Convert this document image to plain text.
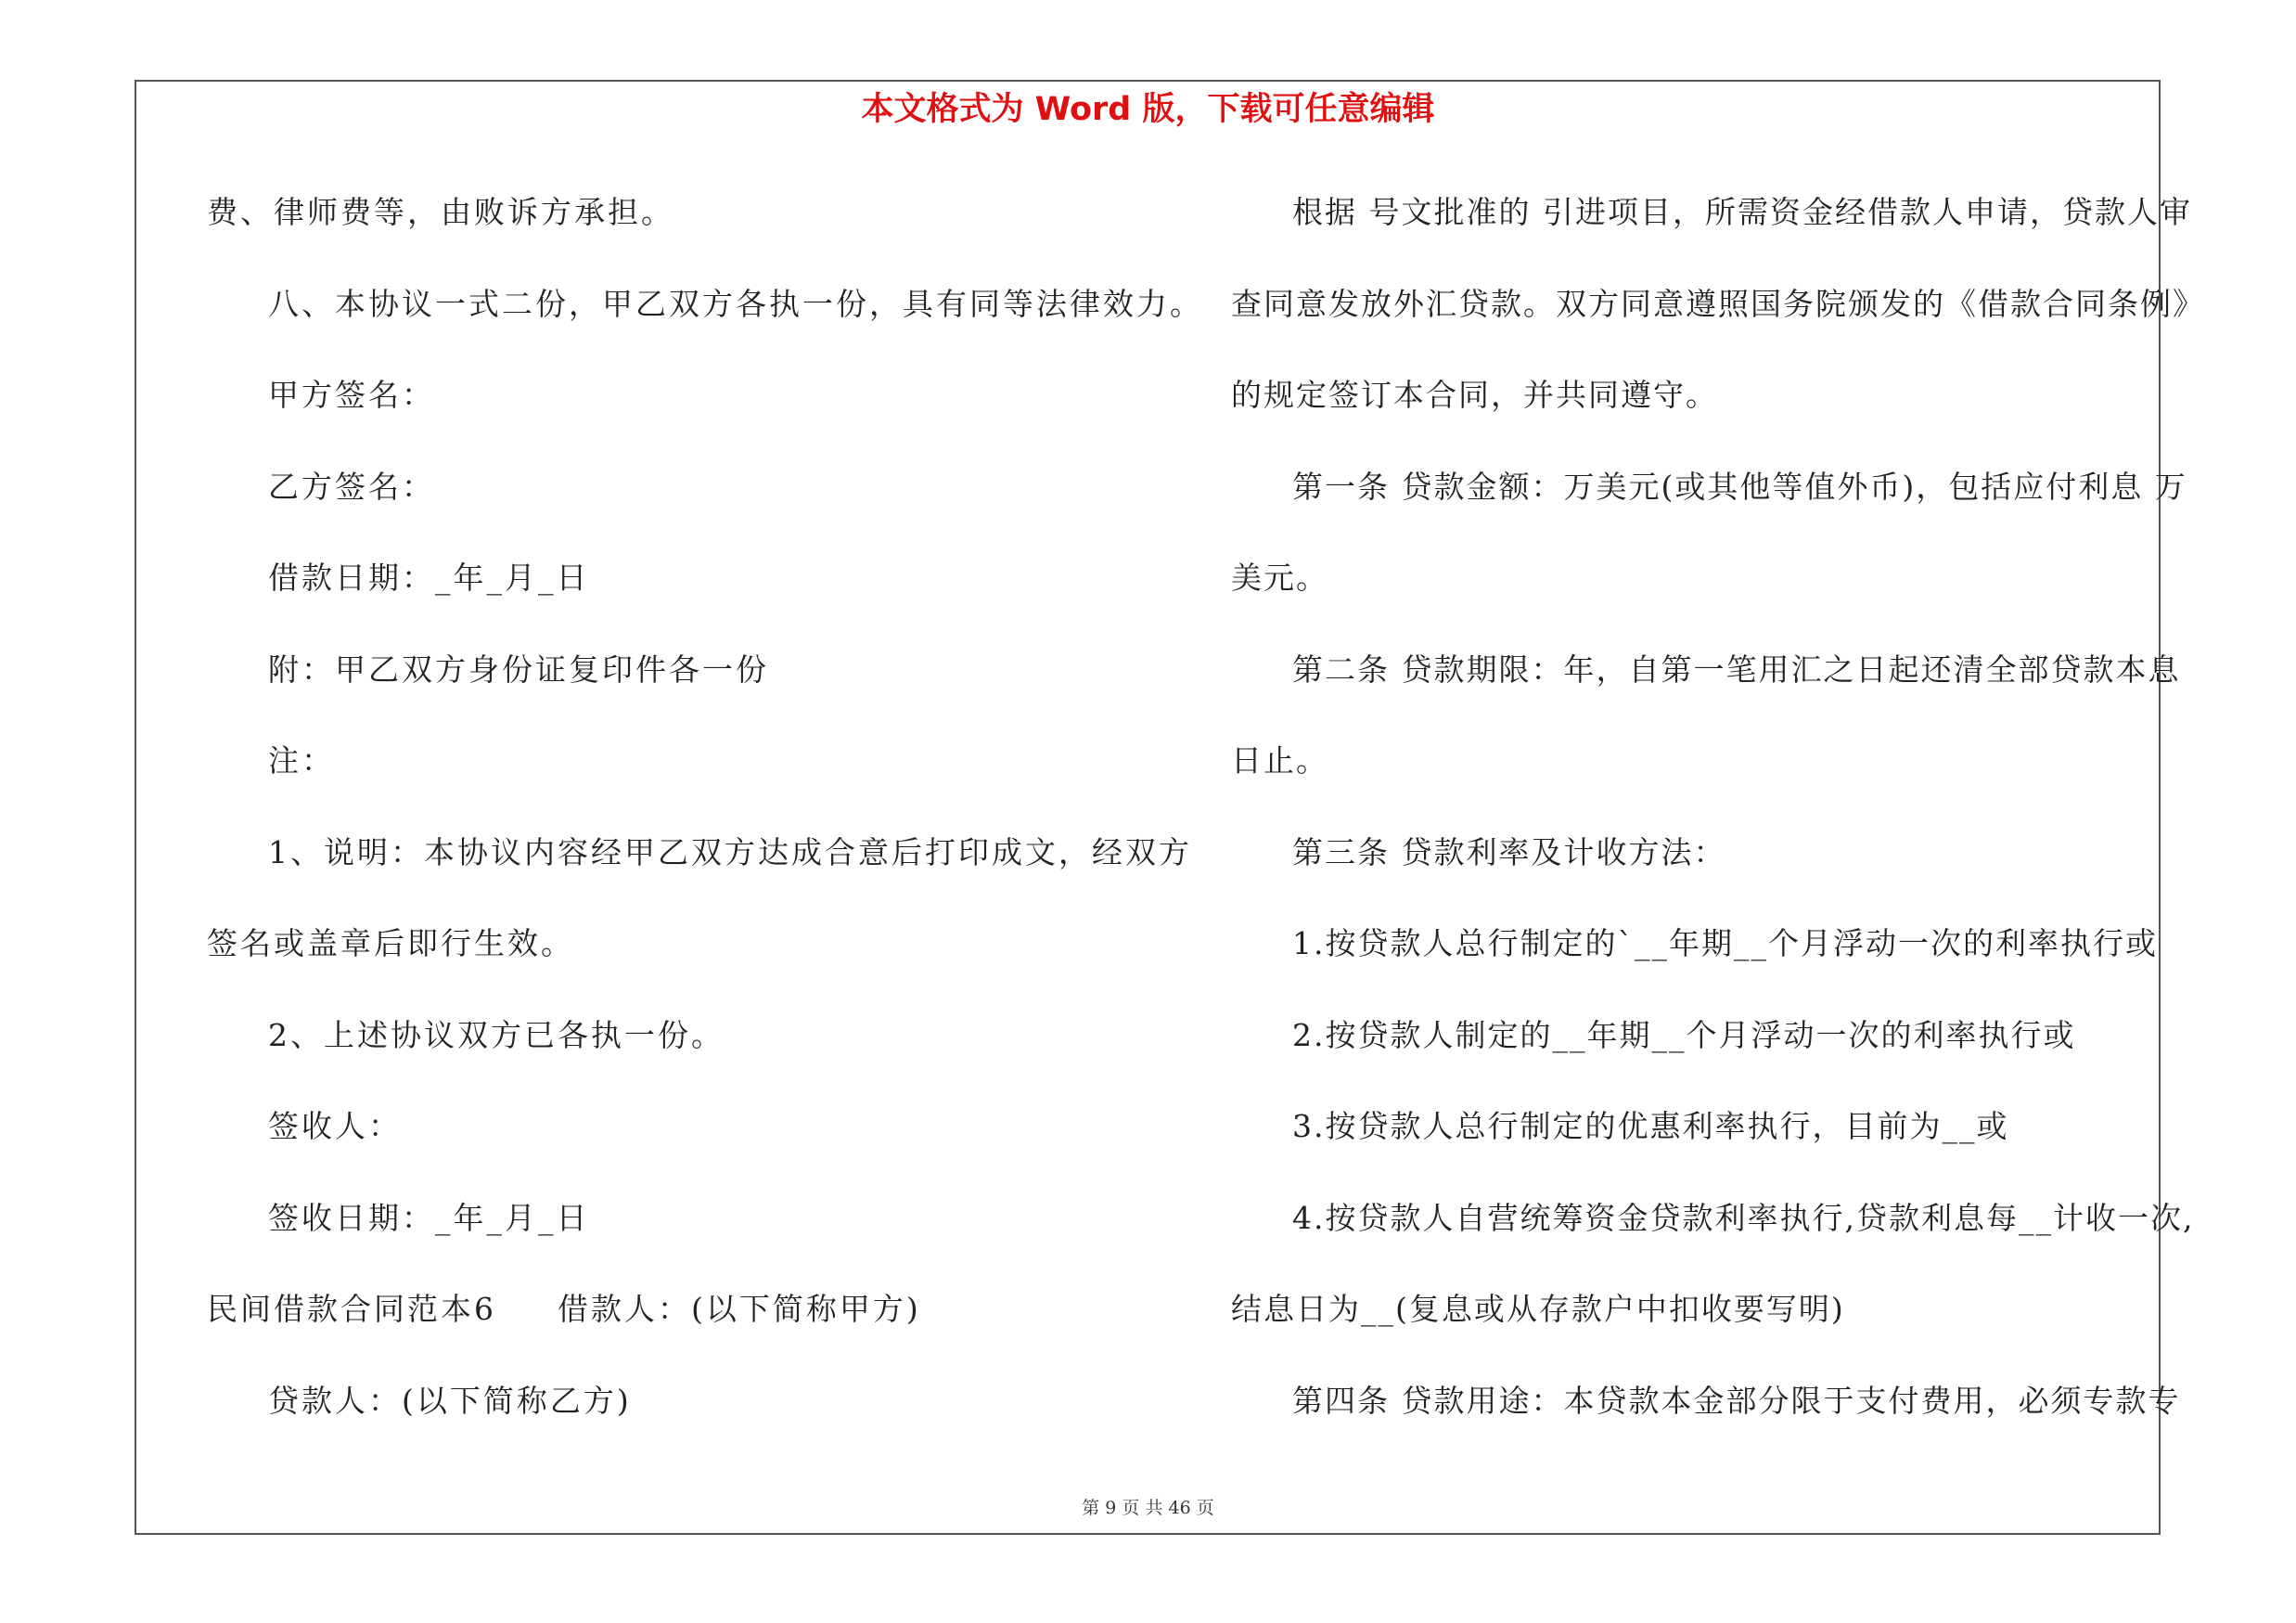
本文格式为 Word 版，下载可任意编辑
费、律师费等，由败诉方承担。
八、本协议一式二份，甲乙双方各执一份，具有同等法律效力。
甲方签名：
乙方签名：
借款日期：_年_月_日
附：甲乙双方身份证复印件各一份
注：
1、说明：本协议内容经甲乙双方达成合意后打印成文，经双方
签名或盖章后即行生效。
2、上述协议双方已各执一份。
签收人：
签收日期：_年_月_日
民间借款合同范本6 借款人：(以下简称甲方)
贷款人：(以下简称乙方)
根据 号文批准的 引进项目，所需资金经借款人申请，贷款人审
查同意发放外汇贷款。双方同意遵照国务院颁发的《借款合同条例》
的规定签订本合同，并共同遵守。
第一条 贷款金额：万美元(或其他等值外币)，包括应付利息 万
美元。
第二条 贷款期限：年，自第一笔用汇之日起还清全部贷款本息
日止。
第三条 贷款利率及计收方法：
1.按贷款人总行制定的`__年期__个月浮动一次的利率执行或
2.按贷款人制定的__年期__个月浮动一次的利率执行或
3.按贷款人总行制定的优惠利率执行，目前为__或
4.按贷款人自营统筹资金贷款利率执行,贷款利息每__计收一次,
结息日为__(复息或从存款户中扣收要写明)
第四条 贷款用途：本贷款本金部分限于支付费用，必须专款专
第 9 页 共 46 页
